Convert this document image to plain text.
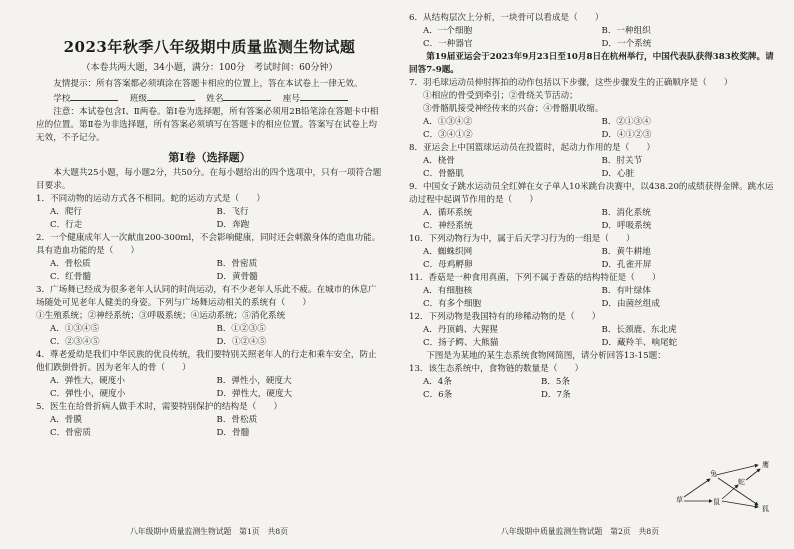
2023年秋季八年级期中质量监测生物试题
（本卷共两大题，34小题，满分：100分　考试时间：60分钟）

友情提示：所有答案都必须填涂在答题卡相应的位置上，答在本试卷上一律无效。

学校　	班级　	姓名　	座号

注意：本试卷包含Ⅰ、Ⅱ两卷。第Ⅰ卷为选择题，所有答案必须用2B铅笔涂在答题卡中相应的位置。第Ⅱ卷为非选择题，所有答案必须填写在答题卡的相应位置。答案写在试卷上均无效，不予记分。

第Ⅰ卷（选择题）

本大题共25小题，每小题2分，共50分。在每小题给出的四个选项中，只有一项符合题目要求。

1．不同动物的运动方式各不相同。蛇的运动方式是（　　）

A．爬行	B．飞行
C．行走	D．奔跑

2．一个健康成年人一次献血200-300ml，不会影响健康，同时还会刺激身体的造血功能。具有造血功能的是（　　）

A．骨松质	B．骨密质
C．红骨髓	D．黄骨髓

3．广场舞已经成为很多老年人认同的时尚运动，有不少老年人乐此不疲。在城市的休息广场随处可见老年人健美的身姿。下列与广场舞运动相关的系统有（　　）

①生殖系统；②神经系统；③呼吸系统；④运动系统；⑤消化系统

A．①③④⑤	B．①②③⑤
C．②③④⑤	D．①②④⑤

4．尊老爱幼是我们中华民族的优良传统，我们要特别关照老年人的行走和乘车安全，防止他们跌倒骨折。因为老年人的骨（　　）

A．弹性大，硬度小	B．弹性小，硬度大
C．弹性小，硬度小	D．弹性大，硬度大

5．医生在给骨折病人做手术时，需要特别保护的结构是（　　）

A．骨膜	B．骨松质
C．骨密质	D．骨髓
八年级期中质量监测生物试题　第1页　共8页

6．从结构层次上分析，一块骨可以看成是（　　）

A．一个细胞	B．一种组织
C．一种器官	D．一个系统

第19届亚运会于2023年9月23日至10月8日在杭州举行，中国代表队获得383枚奖牌。请回答7-9题。

7．羽毛球运动员伸肘挥拍的动作包括以下步骤，这些步骤发生的正确顺序是（　　）

①相应的骨受到牵引；②骨绕关节活动；

③骨骼肌接受神经传来的兴奋；④骨骼肌收缩。

A．①③④②	B．②①③④
C．③④①②	D．④①②③

8．亚运会上中国篮球运动员在投篮时，起动力作用的是（　　）

A．桡骨	B．肘关节
C．骨骼肌	D．心脏

9．中国女子跳水运动员全红婵在女子单人10米跳台决赛中，以438.20的成绩获得金牌。跳水运动过程中起调节作用的是（　　）

A．循环系统	B．消化系统
C．神经系统	D．呼吸系统

10．下列动物行为中，属于后天学习行为的一组是（　　）

A．蜘蛛织网	B．黄牛耕地
C．母鸡孵卵	D．孔雀开屏

11．香菇是一种食用真菌，下列不属于香菇的结构特征是（　　）

A．有细胞核	B．有叶绿体
C．有多个细胞	D．由菌丝组成

12．下列动物是我国特有的珍稀动物的是（　　）

A．丹顶鹤、大猩猩	B．长颈鹿、东北虎
C．扬子鳄、大熊猫	D．藏羚羊、响尾蛇

下图是为某地的某生态系统食物网简图，请分析回答13-15题：

13．该生态系统中，食物链的数量是（　　）

A．4条	B．5条
C．6条	D．7条
草
兔
鼠
蛇
狐
鹰
八年级期中质量监测生物试题　第2页　共8页
